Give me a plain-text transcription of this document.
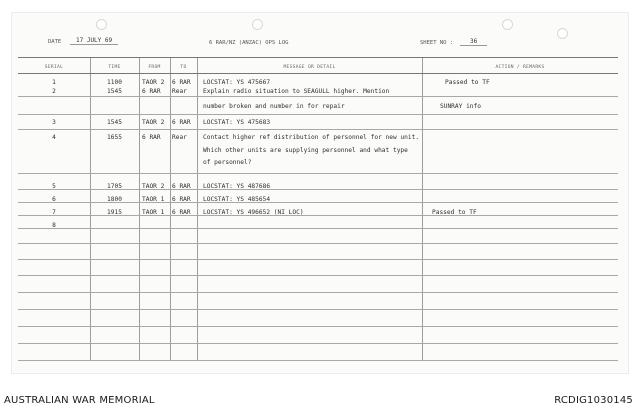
DATE	17 JULY 69	6 RAR/NZ (ANZAC) OPS LOG	SHEET NO :	36
SERIAL	TIME	FROM	TO	MESSAGE OR DETAIL	ACTION / REMARKS
1	1100	TAOR 2	6 RAR	LOCSTAT: YS 475667	Passed to TF
2	1545	6 RAR	Rear	Explain radio situation to SEAGULL higher. Mention
number broken and number in for repair	SUNRAY info
3	1545	TAOR 2	6 RAR	LOCSTAT: YS 475683
4	1655	6 RAR	Rear	Contact higher ref distribution of personnel for new unit.
Which other units are supplying personnel and what type
of personnel?
5	1705	TAOR 2	6 RAR	LOCSTAT: YS 487686
6	1800	TAOR 1	6 RAR	LOCSTAT: YS 485654
7	1915	TAOR 1	6 RAR	LOCSTAT: YS 496652 (NI LOC)	Passed to TF
8
AUSTRALIAN WAR MEMORIAL	RCDIG1030145
